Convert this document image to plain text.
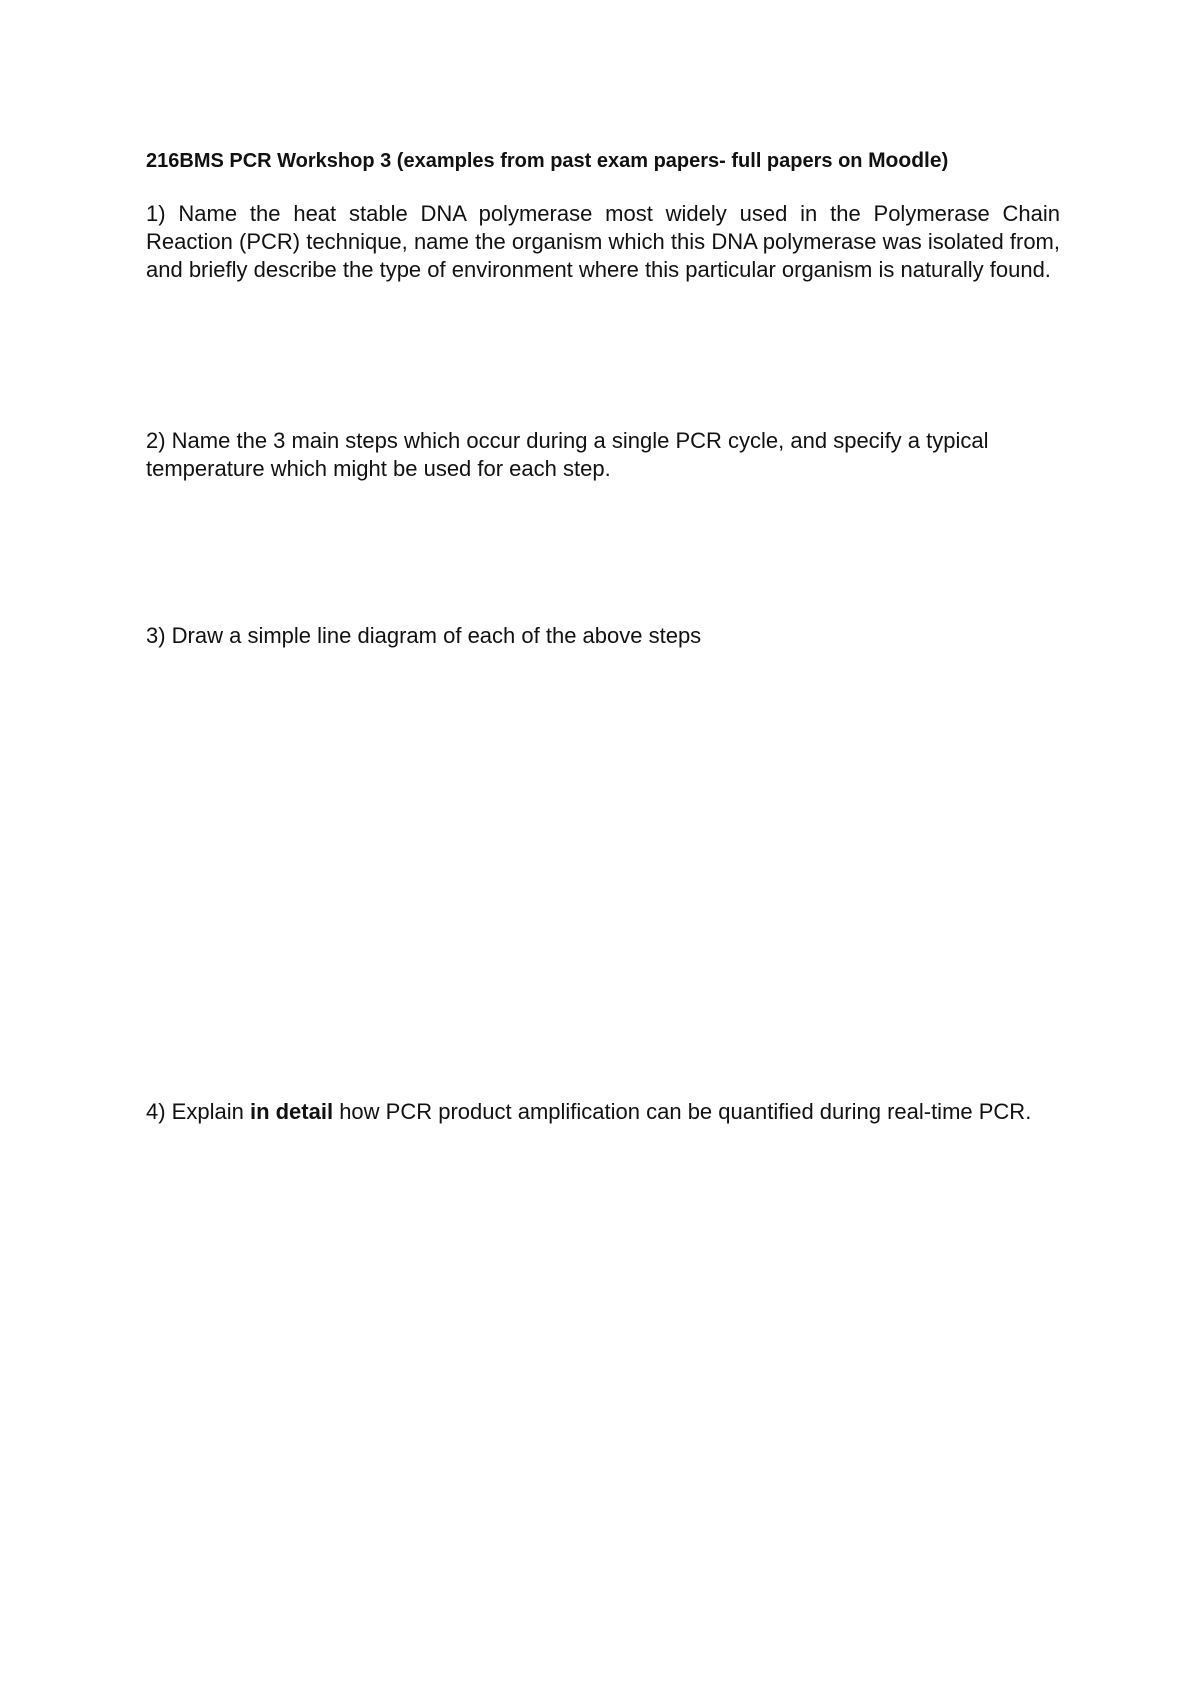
216BMS PCR Workshop 3 (examples from past exam papers- full papers on Moodle)
1) Name the heat stable DNA polymerase most widely used in the Polymerase Chain Reaction (PCR) technique, name the organism which this DNA polymerase was isolated from, and briefly describe the type of environment where this particular organism is naturally found.
2) Name the 3 main steps which occur during a single PCR cycle, and specify a typical temperature which might be used for each step.
3) Draw a simple line diagram of each of the above steps
4) Explain in detail how PCR product amplification can be quantified during real-time PCR.
